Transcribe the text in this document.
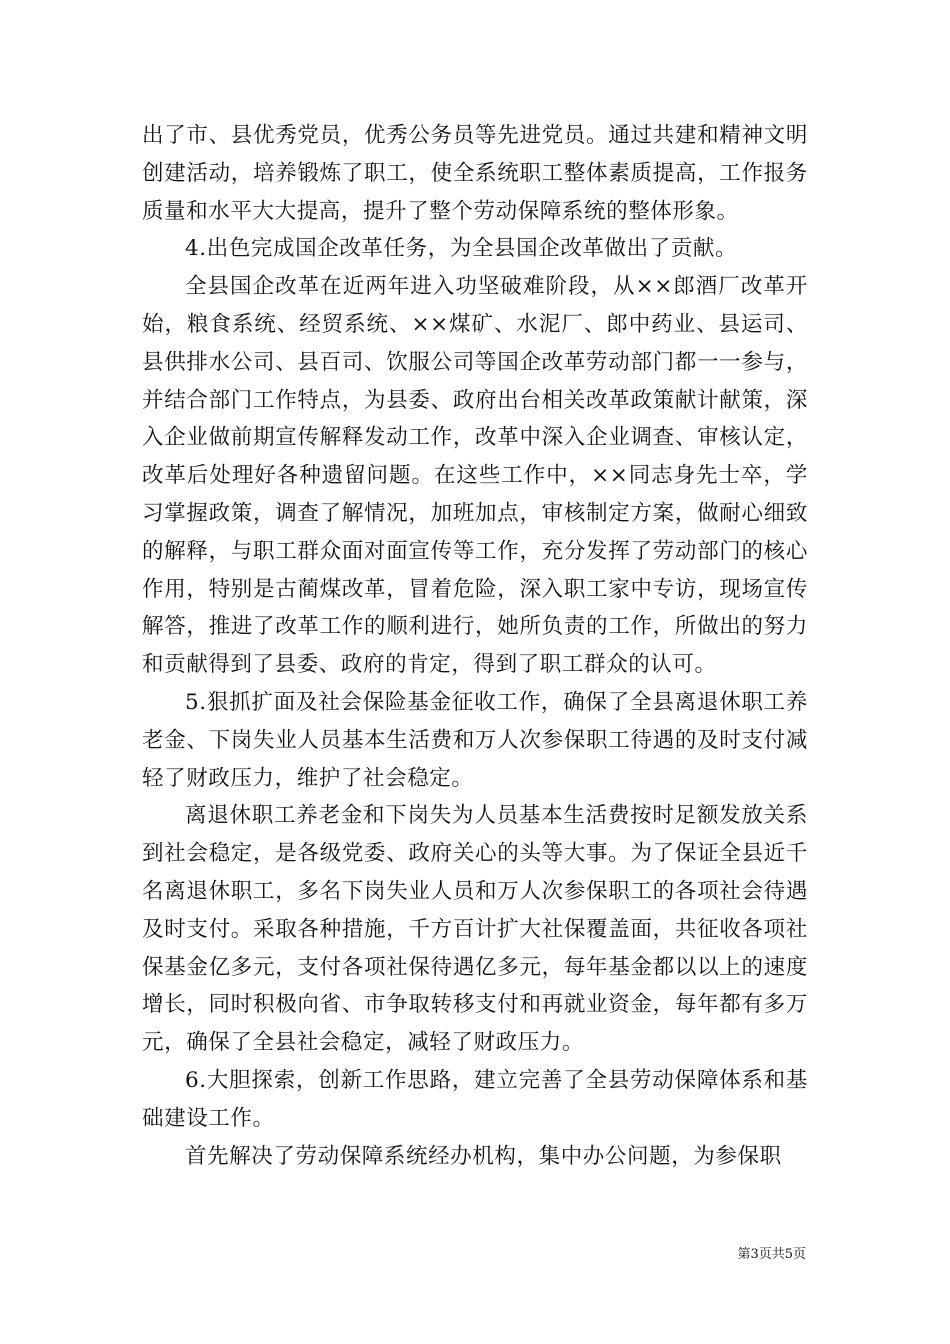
出了市、县优秀党员，优秀公务员等先进党员。通过共建和精神文明创建活动，培养锻炼了职工，使全系统职工整体素质提高，工作报务质量和水平大大提高，提升了整个劳动保障系统的整体形象。

4.出色完成国企改革任务，为全县国企改革做出了贡献。

全县国企改革在近两年进入功坚破难阶段，从××郎酒厂改革开始，粮食系统、经贸系统、××煤矿、水泥厂、郎中药业、县运司、县供排水公司、县百司、饮服公司等国企改革劳动部门都一一参与，并结合部门工作特点，为县委、政府出台相关改革政策献计献策，深入企业做前期宣传解释发动工作，改革中深入企业调查、审核认定，改革后处理好各种遗留问题。在这些工作中，××同志身先士卒，学习掌握政策，调查了解情况，加班加点，审核制定方案，做耐心细致的解释，与职工群众面对面宣传等工作，充分发挥了劳动部门的核心作用，特别是古蔺煤改革，冒着危险，深入职工家中专访，现场宣传解答，推进了改革工作的顺利进行，她所负责的工作，所做出的努力和贡献得到了县委、政府的肯定，得到了职工群众的认可。

5.狠抓扩面及社会保险基金征收工作，确保了全县离退休职工养老金、下岗失业人员基本生活费和万人次参保职工待遇的及时支付减轻了财政压力，维护了社会稳定。

离退休职工养老金和下岗失为人员基本生活费按时足额发放关系到社会稳定，是各级党委、政府关心的头等大事。为了保证全县近千名离退休职工，多名下岗失业人员和万人次参保职工的各项社会待遇及时支付。采取各种措施，千方百计扩大社保覆盖面，共征收各项社保基金亿多元，支付各项社保待遇亿多元，每年基金都以以上的速度增长，同时积极向省、市争取转移支付和再就业资金，每年都有多万元，确保了全县社会稳定，减轻了财政压力。

6.大胆探索，创新工作思路，建立完善了全县劳动保障体系和基础建设工作。

首先解决了劳动保障系统经办机构，集中办公问题，为参保职

第3页共5页
